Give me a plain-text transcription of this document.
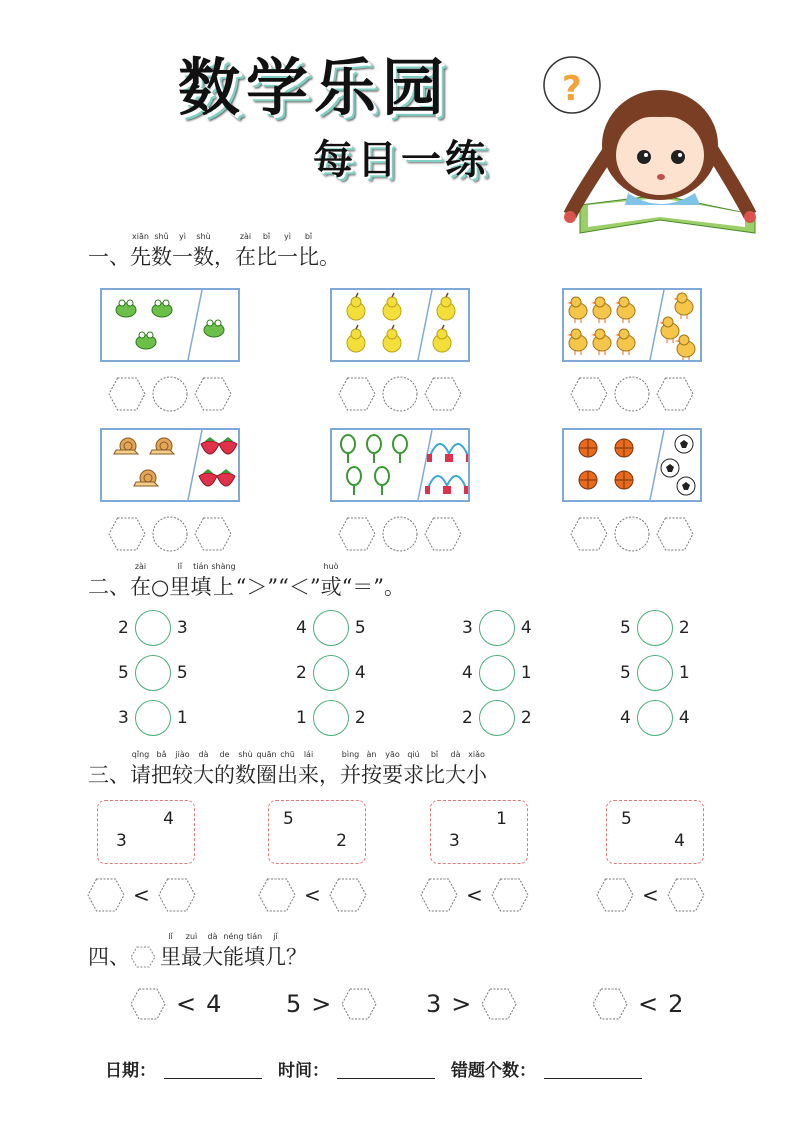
数学乐园
每日一练
?
一、先xiān数shǔ一yì数shù，在zài比bǐ一yì比bǐ。
二、在zài○里lǐ填tián上shàng“＞”“＜”或huò“＝”。
2	3	4	5	3	4	5	2
5	5	2	4	4	1	5	1
3	1	1	2	2	2	4	4
三、请qǐng把bǎ较jiào大dà的de数shù圈quān出chū来lái，并bìng按àn要yāo求qiú比bǐ大dà小xiǎo
4
3
<
5
2
<
1
3
<
5
4
<
四、 里lǐ最zuì大dà能néng填tián几jǐ？
< 4	5 >	3 >	< 2
日期：	时间：	错题个数：
